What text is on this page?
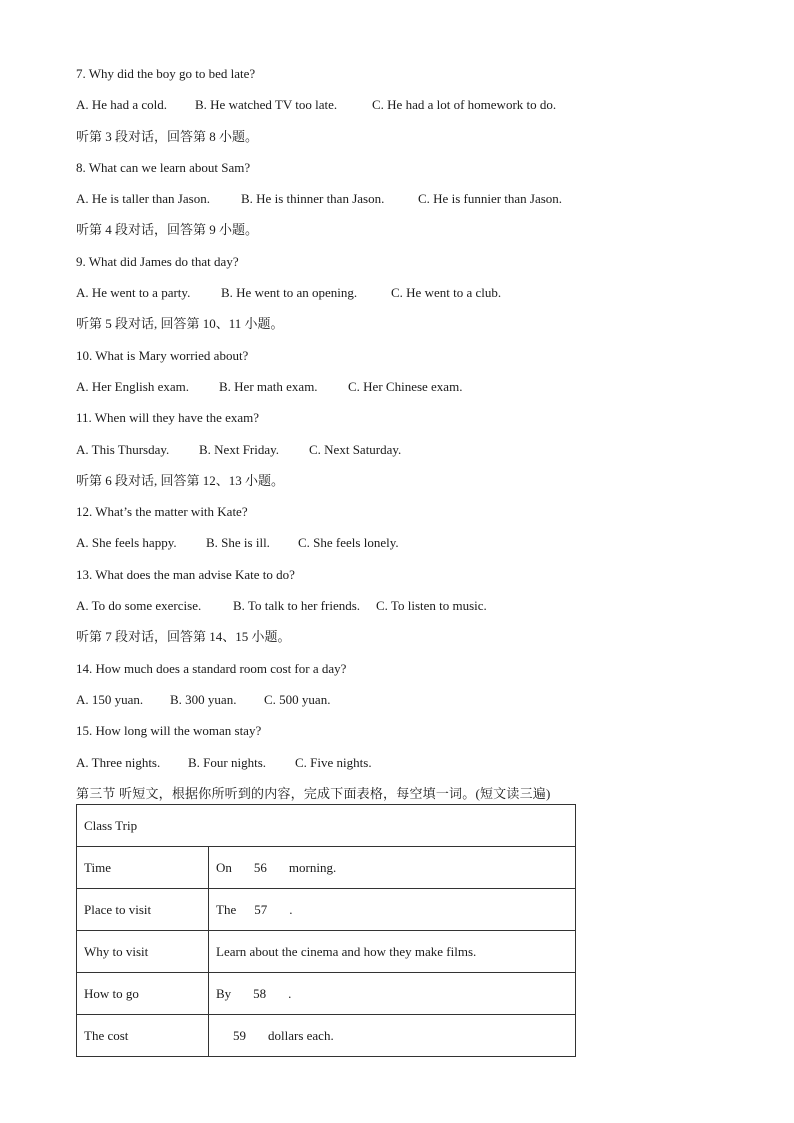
7. Why did the boy go to bed late?
A. He had a cold. B. He watched TV too late.	C. He had a lot of homework to do.
听第 3 段对话，回答第 8 小题。
8. What can we learn about Sam?
A. He is taller than Jason. B. He is thinner than Jason.	C. He is funnier than Jason.
听第 4 段对话，回答第 9 小题。
9. What did James do that day?
A. He went to a party. B. He went to an opening.	C. He went to a club.
听第 5 段对话, 回答第 10、11 小题。
10. What is Mary worried about?
A. Her English exam. B. Her math exam. C. Her Chinese exam.
11. When will they have the exam?
A. This Thursday. B. Next Friday. C. Next Saturday.
听第 6 段对话, 回答第 12、13 小题。
12. What’s the matter with Kate?
A. She feels happy. B. She is ill. C. She feels lonely.
13. What does the man advise Kate to do?
A. To do some exercise. B. To talk to her friends. C. To listen to music.
听第 7 段对话，回答第 14、15 小题。
14. How much does a standard room cost for a day?
A. 150 yuan. B. 300 yuan. C. 500 yuan.
15. How long will the woman stay?
A. Three nights. B. Four nights. C. Five nights.
第三节 听短文，根据你所听到的内容，完成下面表格，每空填一词。(短文读三遍)
Class Trip	
Time	On 56 morning.
Place to visit	The 57 .
Why to visit	Learn about the cinema and how they make films.
How to go	By 58 .
The cost	59 dollars each.
